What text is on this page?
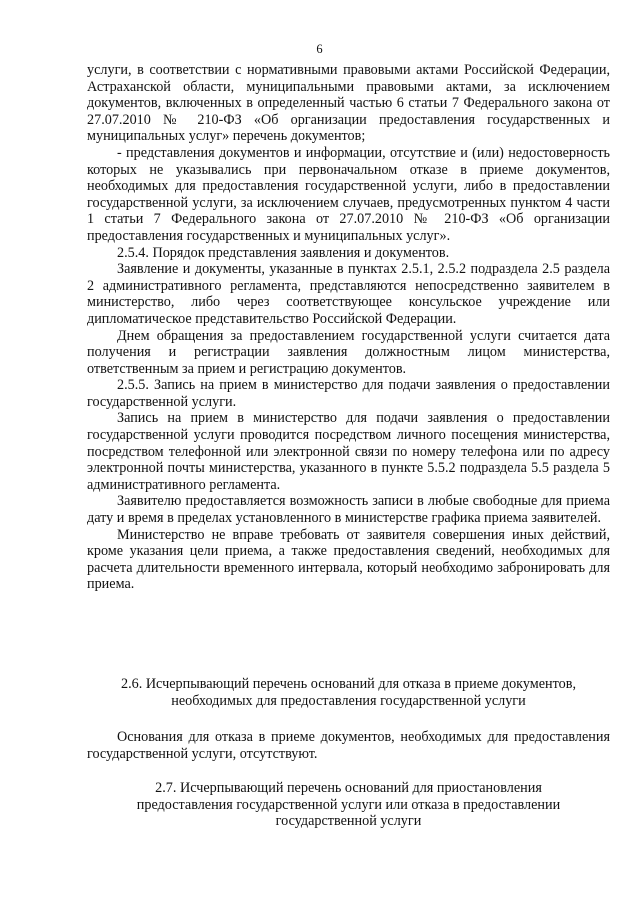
6

услуги, в соответствии с нормативными правовыми актами Российской Федерации, Астраханской области, муниципальными правовыми актами, за исключением документов, включенных в определенный частью 6 статьи 7 Федерального закона от 27.07.2010 № 210-ФЗ «Об организации предоставления государственных и муниципальных услуг» перечень документов;

- представления документов и информации, отсутствие и (или) недостоверность которых не указывались при первоначальном отказе в приеме документов, необходимых для предоставления государственной услуги, либо в предоставлении государственной услуги, за исключением случаев, предусмотренных пунктом 4 части 1 статьи 7 Федерального закона от 27.07.2010 № 210-ФЗ «Об организации предоставления государственных и муниципальных услуг».

2.5.4. Порядок представления заявления и документов.

Заявление и документы, указанные в пунктах 2.5.1, 2.5.2 подраздела 2.5 раздела 2 административного регламента, представляются непосредственно заявителем в министерство, либо через соответствующее консульское учреждение или дипломатическое представительство Российской Федерации.

Днем обращения за предоставлением государственной услуги считается дата получения и регистрации заявления должностным лицом министерства, ответственным за прием и регистрацию документов.

2.5.5. Запись на прием в министерство для подачи заявления о предоставлении государственной услуги.

Запись на прием в министерство для подачи заявления о предоставлении государственной услуги проводится посредством личного посещения министерства, посредством телефонной или электронной связи по номеру телефона или по адресу электронной почты министерства, указанного в пункте 5.5.2 подраздела 5.5 раздела 5 административного регламента.

Заявителю предоставляется возможность записи в любые свободные для приема дату и время в пределах установленного в министерстве графика приема заявителей.

Министерство не вправе требовать от заявителя совершения иных действий, кроме указания цели приема, а также предоставления сведений, необходимых для расчета длительности временного интервала, который необходимо забронировать для приема.

2.6. Исчерпывающий перечень оснований для отказа в приеме документов,
необходимых для предоставления государственной услуги

Основания для отказа в приеме документов, необходимых для предоставления государственной услуги, отсутствуют.

2.7. Исчерпывающий перечень оснований для приостановления
предоставления государственной услуги или отказа в предоставлении
государственной услуги
